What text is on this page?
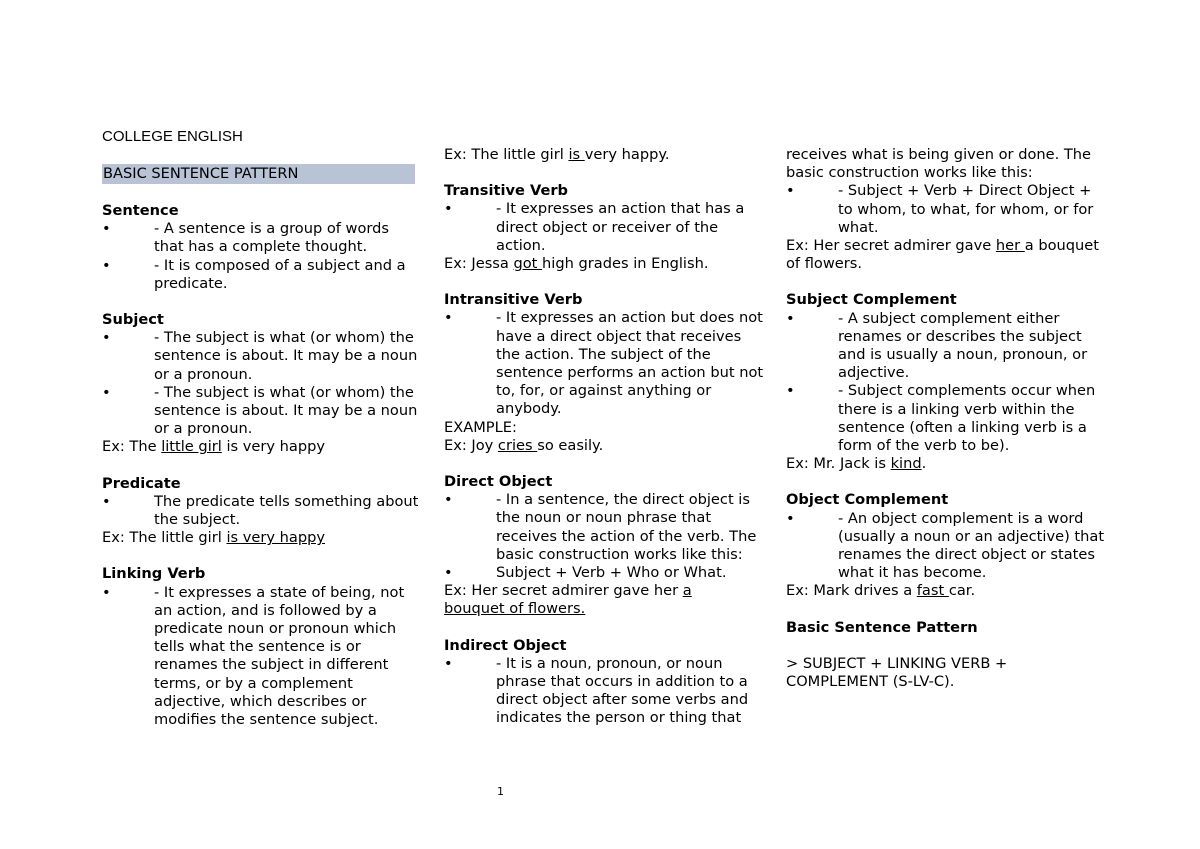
COLLEGE ENGLISH

BASIC SENTENCE PATTERN

Sentence

•	- A sentence is a group of words that has a complete thought.
•	- It is composed of a subject and a predicate.

Subject

•	- The subject is what (or whom) the sentence is about. It may be a noun or a pronoun.
•	- The subject is what (or whom) the sentence is about. It may be a noun or a pronoun.

Ex: The little girl is very happy

Predicate

•	The predicate tells something about the subject.

Ex: The little girl is very happy

Linking Verb

•	- It expresses a state of being, not an action, and is followed by a predicate noun or pronoun which tells what the sentence is or renames the subject in different terms, or by a complement adjective, which describes or modifies the sentence subject.

Ex: The little girl is very happy.

Transitive Verb

•	- It expresses an action that has a direct object or receiver of the action.

Ex: Jessa got high grades in English.

Intransitive Verb

•	- It expresses an action but does not have a direct object that receives the action. The subject of the sentence performs an action but not to, for, or against anything or anybody.

EXAMPLE:

Ex: Joy cries so easily.

Direct Object

•	- In a sentence, the direct object is the noun or noun phrase that receives the action of the verb. The basic construction works like this:
•	Subject + Verb + Who or What.

Ex: Her secret admirer gave her a
bouquet of flowers.

Indirect Object

•	- It is a noun, pronoun, or noun phrase that occurs in addition to a direct object after some verbs and indicates the person or thing that

receives what is being given or done. The basic construction works like this:

•	- Subject + Verb + Direct Object + to whom, to what, for whom, or for what.

Ex: Her secret admirer gave her a bouquet of flowers.

Subject Complement

•	- A subject complement either renames or describes the subject and is usually a noun, pronoun, or adjective.
•	- Subject complements occur when there is a linking verb within the sentence (often a linking verb is a form of the verb to be).

Ex: Mr. Jack is kind.

Object Complement

•	- An object complement is a word (usually a noun or an adjective) that renames the direct object or states what it has become.

Ex: Mark drives a fast car.

Basic Sentence Pattern

> SUBJECT + LINKING VERB + COMPLEMENT (S-LV-C).

1
